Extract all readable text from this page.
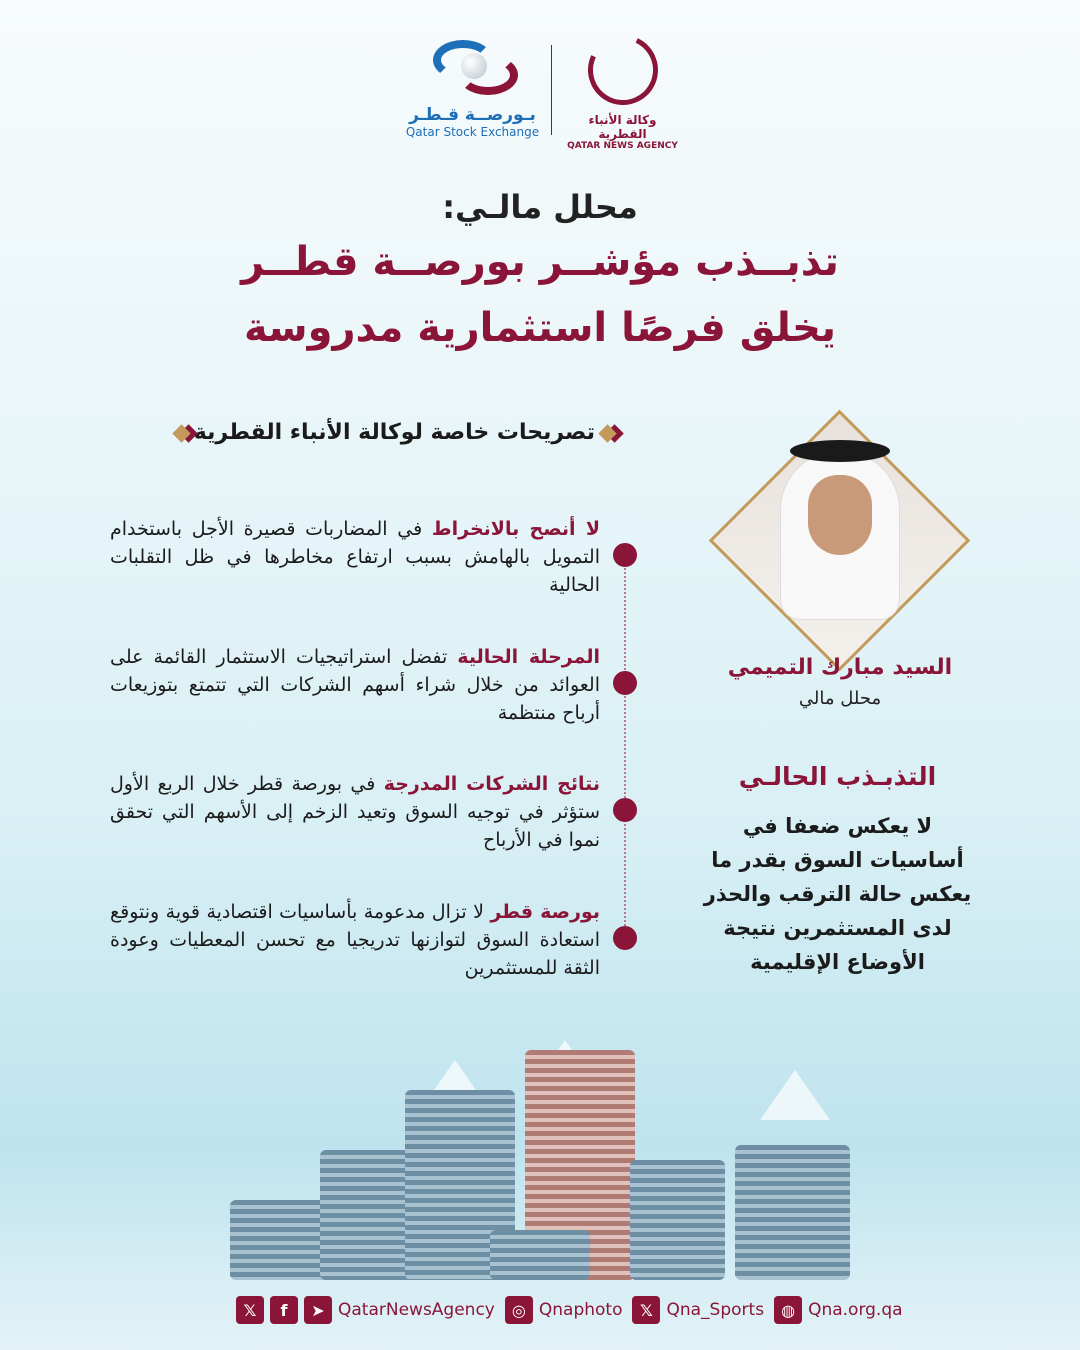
بـورصــة قـطـر
Qatar Stock Exchange
وكالة الأنباء القطرية
QATAR NEWS AGENCY
محلل مالـي:
تذبــذب مؤشــر بورصــة قطــر
يخلق فرصًا استثمارية مدروسة
تصريحات خاصة لوكالة الأنباء القطرية
لا أنصح بالانخراط في المضاربات قصيرة الأجل باستخدام التمويل بالهامش بسبب ارتفاع مخاطرها في ظل التقلبات الحالية
المرحلة الحالية تفضل استراتيجيات الاستثمار القائمة على العوائد من خلال شراء أسهم الشركات التي تتمتع بتوزيعات أرباح منتظمة
نتائج الشركات المدرجة في بورصة قطر خلال الربع الأول ستؤثر في توجيه السوق وتعيد الزخم إلى الأسهم التي تحقق نموا في الأرباح
بورصة قطر لا تزال مدعومة بأساسيات اقتصادية قوية ونتوقع استعادة السوق لتوازنها تدريجيا مع تحسن المعطيات وعودة الثقة للمستثمرين
السيد مبارك التميمي
محلل مالي
التذبـذب الحالـي
لا يعكس ضعفا في أساسيات السوق بقدر ما يعكس حالة الترقب والحذر لدى المستثمرين نتيجة الأوضاع الإقليمية
𝕏	f	➤ QatarNewsAgency	◎ Qnaphoto	𝕏 Qna_Sports	◍ Qna.org.qa
